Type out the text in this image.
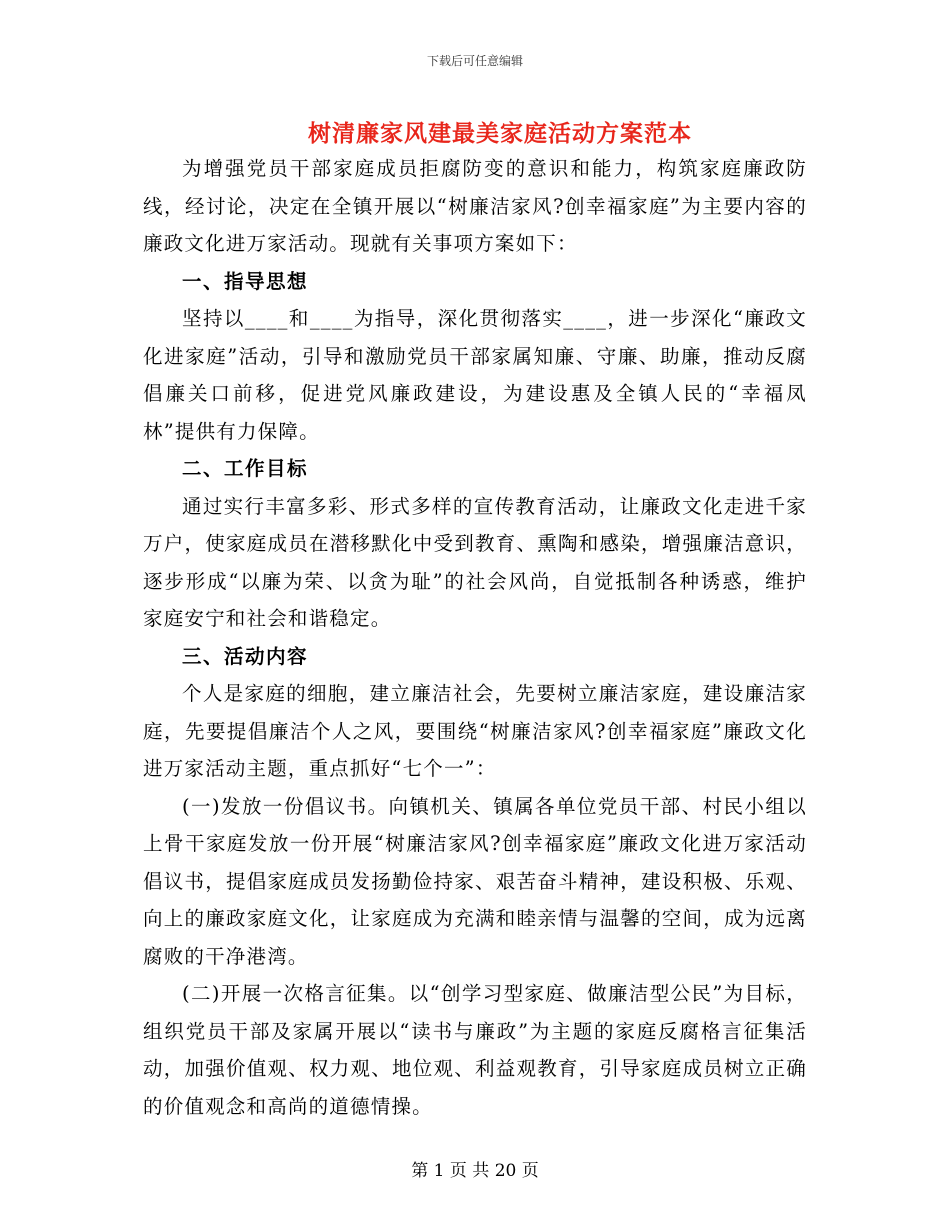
下载后可任意编辑
树清廉家风建最美家庭活动方案范本

为增强党员干部家庭成员拒腐防变的意识和能力，构筑家庭廉政防线，经讨论，决定在全镇开展以“树廉洁家风?创幸福家庭”为主要内容的廉政文化进万家活动。现就有关事项方案如下：

一、指导思想

坚持以____和____为指导，深化贯彻落实____，进一步深化“廉政文化进家庭”活动，引导和激励党员干部家属知廉、守廉、助廉，推动反腐倡廉关口前移，促进党风廉政建设，为建设惠及全镇人民的“幸福凤林”提供有力保障。

二、工作目标

通过实行丰富多彩、形式多样的宣传教育活动，让廉政文化走进千家万户，使家庭成员在潜移默化中受到教育、熏陶和感染，增强廉洁意识，逐步形成“以廉为荣、以贪为耻”的社会风尚，自觉抵制各种诱惑，维护家庭安宁和社会和谐稳定。

三、活动内容

个人是家庭的细胞，建立廉洁社会，先要树立廉洁家庭，建设廉洁家庭，先要提倡廉洁个人之风，要围绕“树廉洁家风?创幸福家庭”廉政文化进万家活动主题，重点抓好“七个一”：

(一)发放一份倡议书。向镇机关、镇属各单位党员干部、村民小组以上骨干家庭发放一份开展“树廉洁家风?创幸福家庭”廉政文化进万家活动倡议书，提倡家庭成员发扬勤俭持家、艰苦奋斗精神，建设积极、乐观、向上的廉政家庭文化，让家庭成为充满和睦亲情与温馨的空间，成为远离腐败的干净港湾。

(二)开展一次格言征集。以“创学习型家庭、做廉洁型公民”为目标，组织党员干部及家属开展以“读书与廉政”为主题的家庭反腐格言征集活动，加强价值观、权力观、地位观、利益观教育，引导家庭成员树立正确的价值观念和高尚的道德情操。

第 1 页 共 20 页
